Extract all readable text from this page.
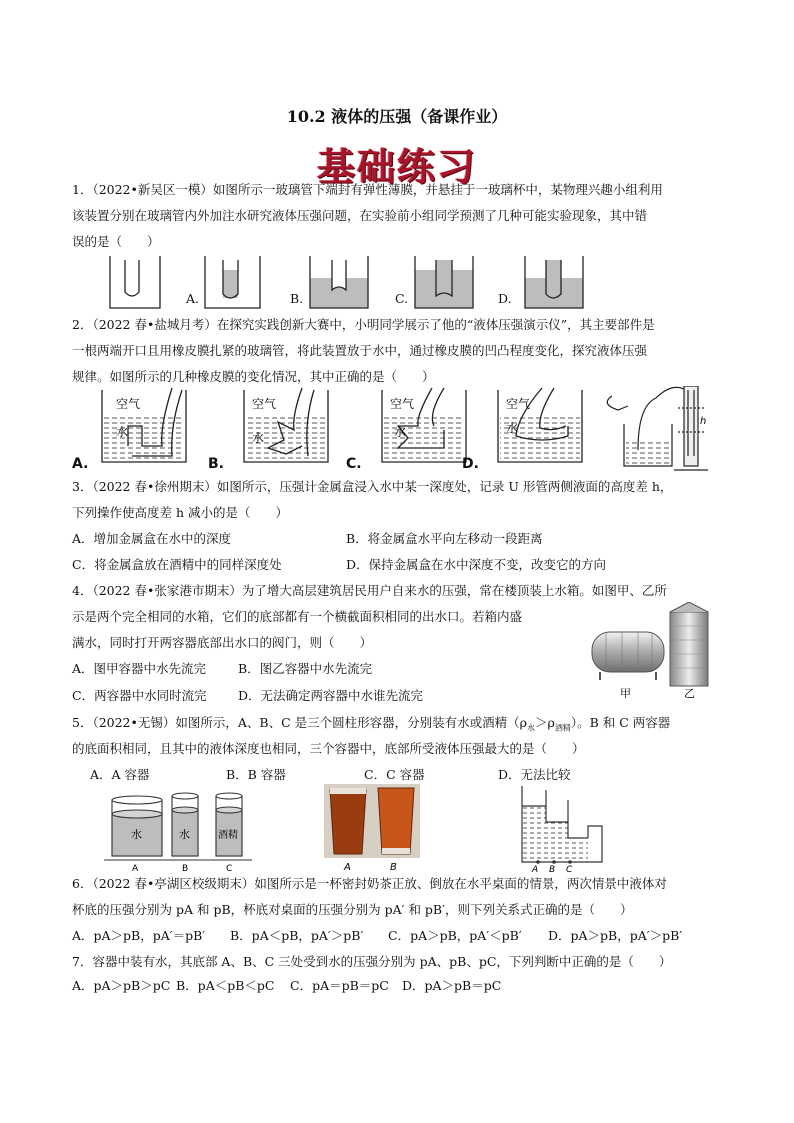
10.2 液体的压强（备课作业）
基础练习
1．（2022•新吴区一模）如图所示一玻璃管下端封有弹性薄膜，并悬挂于一玻璃杯中，某物理兴趣小组利用
该装置分别在玻璃管内外加注水研究液体压强问题，在实验前小组同学预测了几种可能实验现象，其中错
误的是（　　）
A.	B.	C.	D.
2．（2022 春•盐城月考）在探究实践创新大赛中，小明同学展示了他的“液体压强演示仪”，其主要部件是
一根两端开口且用橡皮膜扎紧的玻璃管，将此装置放于水中，通过橡皮膜的凹凸程度变化，探究液体压强
规律。如图所示的几种橡皮膜的变化情况，其中正确的是（　　）
空气
水
空气
水
空气
水
空气
水	h
A.	B.	C.	D.
3．（2022 春•徐州期末）如图所示，压强计金属盒浸入水中某一深度处，记录 U 形管两侧液面的高度差 h，
下列操作使高度差 h 减小的是（　　）
A．增加金属盒在水中的深度	B．将金属盒水平向左移动一段距离
C．将金属盒放在酒精中的同样深度处	D．保持金属盒在水中深度不变，改变它的方向
4．（2022 春•张家港市期末）为了增大高层建筑居民用户自来水的压强，常在楼顶装上水箱。如图甲、乙所
示是两个完全相同的水箱，它们的底部都有一个横截面积相同的出水口。若箱内盛
满水，同时打开两容器底部出水口的阀门，则（　　）
A．图甲容器中水先流完	B．图乙容器中水先流完
C．两容器中水同时流完	D．无法确定两容器中水谁先流完	甲	乙
5．（2022•无锡）如图所示，A、B、C 是三个圆柱形容器，分别装有水或酒精$(\rho_水>\rho_{酒精})$。B 和 C 两容器
的底面积相同，且其中的液体深度也相同，三个容器中，底部所受液体压强最大的是（　　）
A．A 容器	B．B 容器	C．C 容器	D．无法比较
水	水	酒精
A	B	C	A	B	A B C
6．（2022 春•亭湖区校级期末）如图所示是一杯密封奶茶正放、倒放在水平桌面的情景，两次情景中液体对
杯底的压强分别为 pA 和 pB，杯底对桌面的压强分别为 pA′ 和 pB′，则下列关系式正确的是（　　）
A．pA＞pB，pA′＝pB′ B．pA＜pB，pA′＞pB′ C．pA＞pB，pA′＜pB′ D．pA＞pB，pA′＞pB′
7．容器中装有水，其底部 A、B、C 三处受到水的压强分别为 pA、pB、pC，下列判断中正确的是（　　）
A．pA＞pB＞pC B．pA＜pB＜pC C．pA＝pB＝pC D．pA＞pB＝pC
